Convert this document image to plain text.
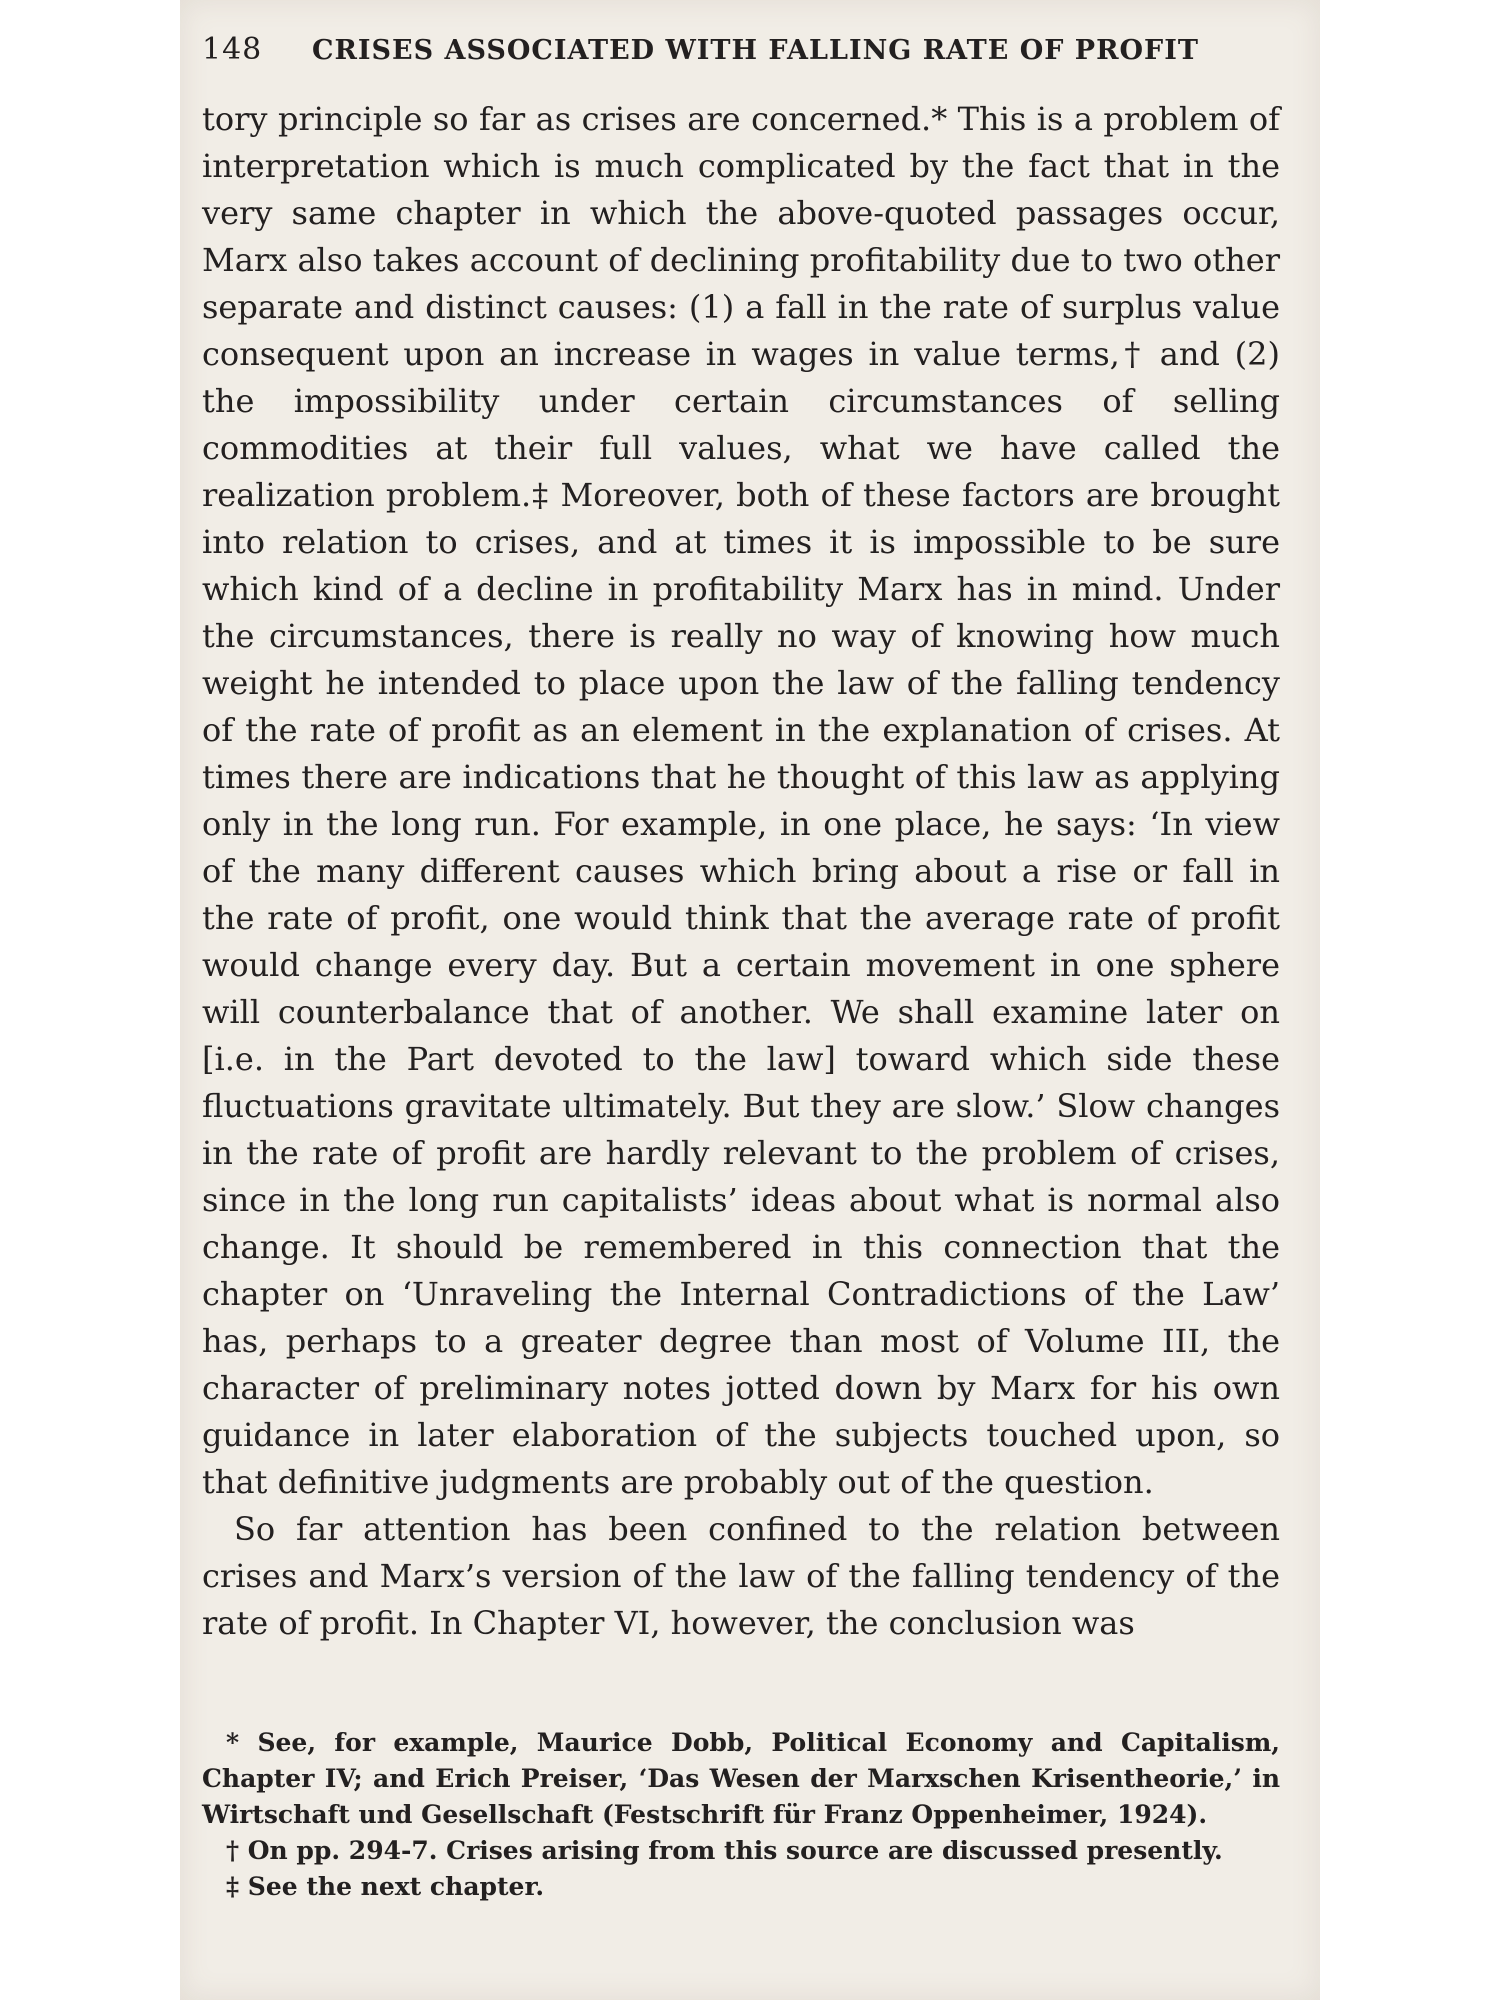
148 CRISES ASSOCIATED WITH FALLING RATE OF PROFIT

tory principle so far as crises are concerned.* This is a problem of interpretation which is much complicated by the fact that in the very same chapter in which the above-quoted passages occur, Marx also takes account of declining profitability due to two other separate and distinct causes: (1) a fall in the rate of surplus value consequent upon an increase in wages in value terms,† and (2) the impossibility under certain circumstances of selling commodities at their full values, what we have called the realization problem.‡ Moreover, both of these factors are brought into relation to crises, and at times it is impossible to be sure which kind of a decline in profitability Marx has in mind. Under the circumstances, there is really no way of knowing how much weight he intended to place upon the law of the falling tendency of the rate of profit as an element in the explanation of crises. At times there are indications that he thought of this law as applying only in the long run. For example, in one place, he says: ‘In view of the many different causes which bring about a rise or fall in the rate of profit, one would think that the average rate of profit would change every day. But a certain movement in one sphere will counterbalance that of another. We shall examine later on [i.e. in the Part devoted to the law] toward which side these fluctuations gravitate ultimately. But they are slow.’ Slow changes in the rate of profit are hardly relevant to the problem of crises, since in the long run capitalists’ ideas about what is normal also change. It should be remembered in this connection that the chapter on ‘Unraveling the Internal Contradictions of the Law’ has, perhaps to a greater degree than most of Volume III, the character of preliminary notes jotted down by Marx for his own guidance in later elaboration of the subjects touched upon, so that definitive judgments are probably out of the question.

So far attention has been confined to the relation between crises and Marx’s version of the law of the falling tendency of the rate of profit. In Chapter VI, however, the conclusion was

* See, for example, Maurice Dobb, Political Economy and Capitalism, Chapter IV; and Erich Preiser, ‘Das Wesen der Marxschen Krisentheorie,’ in Wirtschaft und Gesellschaft (Festschrift für Franz Oppenheimer, 1924).

† On pp. 294-7. Crises arising from this source are discussed presently.

‡ See the next chapter.
